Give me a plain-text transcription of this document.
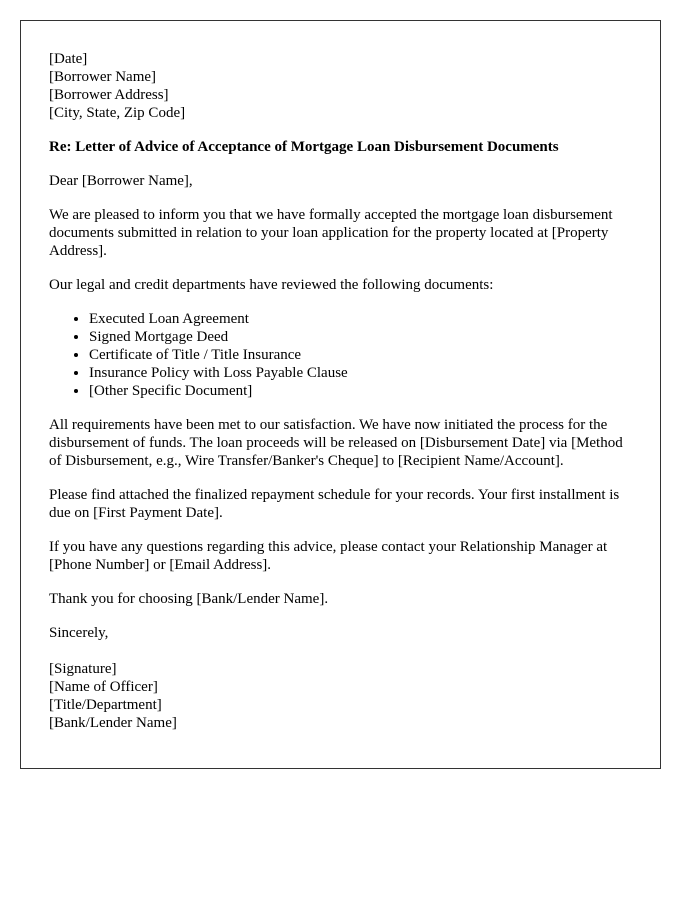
[Date]
[Borrower Name]
[Borrower Address]
[City, State, Zip Code]

Re: Letter of Advice of Acceptance of Mortgage Loan Disbursement Documents

Dear [Borrower Name],

We are pleased to inform you that we have formally accepted the mortgage loan disbursement documents submitted in relation to your loan application for the property located at [Property Address].

Our legal and credit departments have reviewed the following documents:

• Executed Loan Agreement
• Signed Mortgage Deed
• Certificate of Title / Title Insurance
• Insurance Policy with Loss Payable Clause
• [Other Specific Document]

All requirements have been met to our satisfaction. We have now initiated the process for the disbursement of funds. The loan proceeds will be released on [Disbursement Date] via [Method of Disbursement, e.g., Wire Transfer/Banker's Cheque] to [Recipient Name/Account].

Please find attached the finalized repayment schedule for your records. Your first installment is due on [First Payment Date].

If you have any questions regarding this advice, please contact your Relationship Manager at [Phone Number] or [Email Address].

Thank you for choosing [Bank/Lender Name].

Sincerely,

[Signature]
[Name of Officer]
[Title/Department]
[Bank/Lender Name]
